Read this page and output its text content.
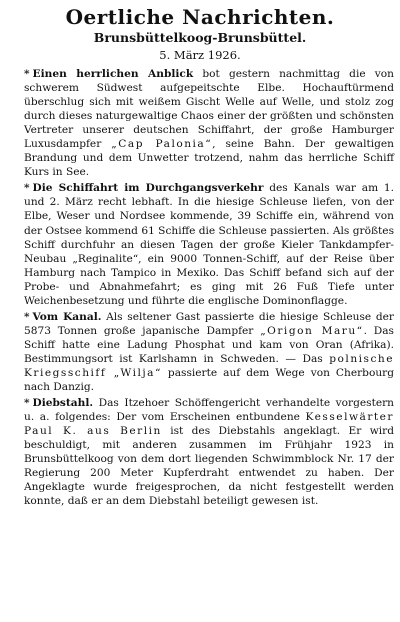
Oertliche Nachrichten.
Brunsbüttelkoog-Brunsbüttel.
5. März 1926.

* Einen herrlichen Anblick bot gestern nachmittag die von schwerem Südwest aufgepeitschte Elbe. Hochauftürmend überschlug sich mit weißem Gischt Welle auf Welle, und stolz zog durch dieses naturgewaltige Chaos einer der größten und schönsten Vertreter unserer deutschen Schiffahrt, der große Hamburger Luxusdampfer „Cap Palonia“, seine Bahn. Der gewaltigen Brandung und dem Unwetter trotzend, nahm das herrliche Schiff Kurs in See.

* Die Schiffahrt im Durchgangsverkehr des Kanals war am 1. und 2. März recht lebhaft. In die hiesige Schleuse liefen, von der Elbe, Weser und Nordsee kommende, 39 Schiffe ein, während von der Ostsee kommend 61 Schiffe die Schleuse passierten. Als größtes Schiff durchfuhr an diesen Tagen der große Kieler Tankdampfer-Neubau „Reginalite“, ein 9000 Tonnen-Schiff, auf der Reise über Hamburg nach Tampico in Mexiko. Das Schiff befand sich auf der Probe- und Abnahmefahrt; es ging mit 26 Fuß Tiefe unter Weichenbesetzung und führte die englische Dominonflagge.

* Vom Kanal. Als seltener Gast passierte die hiesige Schleuse der 5873 Tonnen große japanische Dampfer „Origon Maru“. Das Schiff hatte eine Ladung Phosphat und kam von Oran (Afrika). Bestimmungsort ist Karlshamn in Schweden. — Das polnische Kriegsschiff „Wilja“ passierte auf dem Wege von Cherbourg nach Danzig.

* Diebstahl. Das Itzehoer Schöffengericht verhandelte vorgestern u. a. folgendes: Der vom Erscheinen entbundene Kesselwärter Paul K. aus Berlin ist des Diebstahls angeklagt. Er wird beschuldigt, mit anderen zusammen im Frühjahr 1923 in Brunsbüttelkoog von dem dort liegenden Schwimmblock Nr. 17 der Regierung 200 Meter Kupferdraht entwendet zu haben. Der Angeklagte wurde freigesprochen, da nicht festgestellt werden konnte, daß er an dem Diebstahl beteiligt gewesen ist.
